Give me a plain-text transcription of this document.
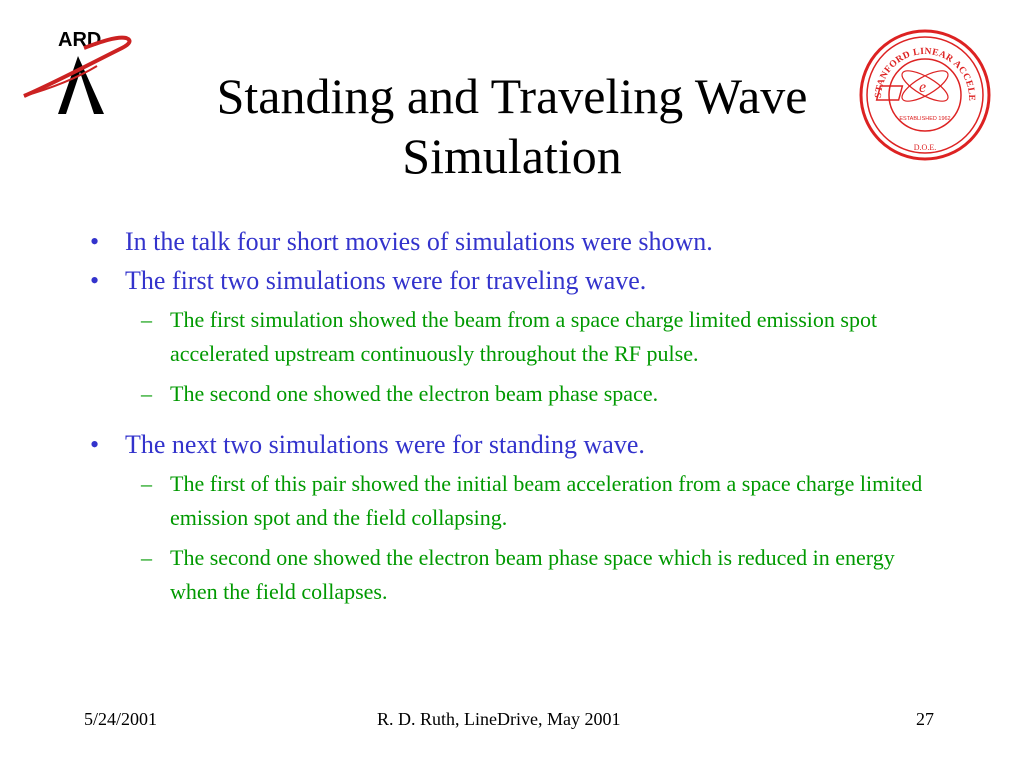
ARD
STANFORD LINEAR ACCELE
e
ESTABLISHED 1962
D.O.E.
Standing and Traveling Wave
Simulation
• In the talk four short movies of simulations were shown.
• The first two simulations were for traveling wave.
– The first simulation showed the beam from a space charge limited emission spot accelerated upstream continuously throughout the RF pulse.
– The second one showed the electron beam phase space.
• The next two simulations were for standing wave.
– The first of this pair showed the initial beam acceleration from a space charge limited emission spot and the field collapsing.
– The second one showed the electron beam phase space which is reduced in energy when the field collapses.
5/24/2001	R. D. Ruth, LineDrive, May 2001	27
